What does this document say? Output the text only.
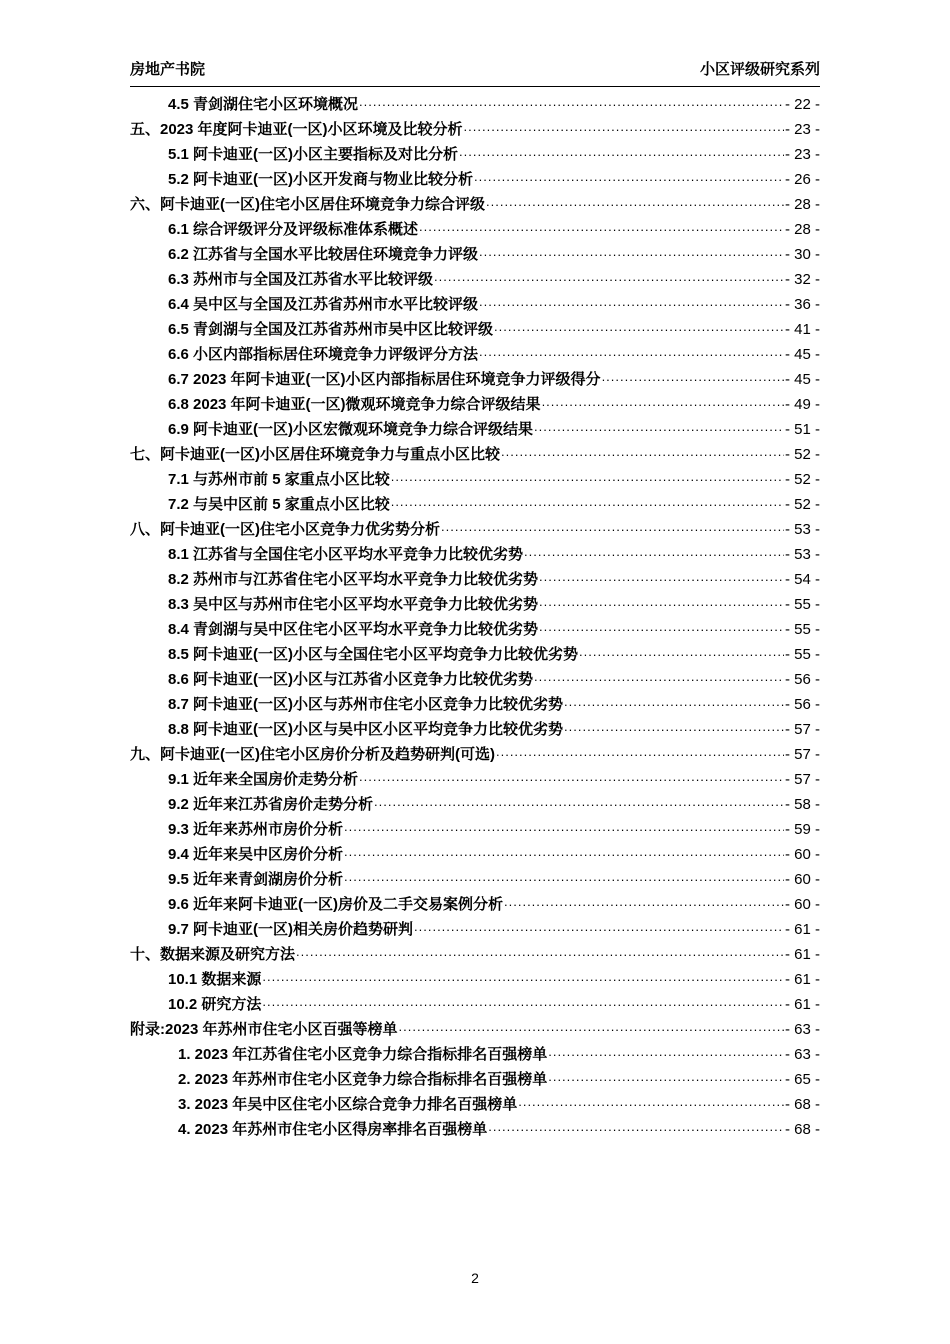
房地产书院	小区评级研究系列
4.5 青剑湖住宅小区环境概况 .....	- 22 -
五、2023 年度阿卡迪亚(一区)小区环境及比较分析 .....	- 23 -
5.1 阿卡迪亚(一区)小区主要指标及对比分析 .....	- 23 -
5.2 阿卡迪亚(一区)小区开发商与物业比较分析 .....	- 26 -
六、阿卡迪亚(一区)住宅小区居住环境竞争力综合评级 .....	- 28 -
6.1 综合评级评分及评级标准体系概述 .....	- 28 -
6.2 江苏省与全国水平比较居住环境竞争力评级 .....	- 30 -
6.3 苏州市与全国及江苏省水平比较评级 .....	- 32 -
6.4 吴中区与全国及江苏省苏州市水平比较评级 .....	- 36 -
6.5 青剑湖与全国及江苏省苏州市吴中区比较评级 .....	- 41 -
6.6 小区内部指标居住环境竞争力评级评分方法 .....	- 45 -
6.7 2023 年阿卡迪亚(一区)小区内部指标居住环境竞争力评级得分 .....	- 45 -
6.8 2023 年阿卡迪亚(一区)微观环境竞争力综合评级结果 .....	- 49 -
6.9 阿卡迪亚(一区)小区宏微观环境竞争力综合评级结果 .....	- 51 -
七、阿卡迪亚(一区)小区居住环境竞争力与重点小区比较 .....	- 52 -
7.1 与苏州市前 5 家重点小区比较 .....	- 52 -
7.2 与吴中区前 5 家重点小区比较 .....	- 52 -
八、阿卡迪亚(一区)住宅小区竞争力优劣势分析 .....	- 53 -
8.1 江苏省与全国住宅小区平均水平竞争力比较优劣势 .....	- 53 -
8.2 苏州市与江苏省住宅小区平均水平竞争力比较优劣势 .....	- 54 -
8.3 吴中区与苏州市住宅小区平均水平竞争力比较优劣势 .....	- 55 -
8.4 青剑湖与吴中区住宅小区平均水平竞争力比较优劣势 .....	- 55 -
8.5 阿卡迪亚(一区)小区与全国住宅小区平均竞争力比较优劣势 .....	- 55 -
8.6 阿卡迪亚(一区)小区与江苏省小区竞争力比较优劣势 .....	- 56 -
8.7 阿卡迪亚(一区)小区与苏州市住宅小区竞争力比较优劣势 .....	- 56 -
8.8 阿卡迪亚(一区)小区与吴中区小区平均竞争力比较优劣势 .....	- 57 -
九、阿卡迪亚(一区)住宅小区房价分析及趋势研判(可选) .....	- 57 -
9.1 近年来全国房价走势分析 .....	- 57 -
9.2 近年来江苏省房价走势分析 .....	- 58 -
9.3 近年来苏州市房价分析 .....	- 59 -
9.4 近年来吴中区房价分析 .....	- 60 -
9.5 近年来青剑湖房价分析 .....	- 60 -
9.6 近年来阿卡迪亚(一区)房价及二手交易案例分析 .....	- 60 -
9.7 阿卡迪亚(一区)相关房价趋势研判 .....	- 61 -
十、数据来源及研究方法 .....	- 61 -
10.1 数据来源 .....	- 61 -
10.2 研究方法 .....	- 61 -
附录:2023 年苏州市住宅小区百强等榜单 .....	- 63 -
1. 2023 年江苏省住宅小区竞争力综合指标排名百强榜单 .....	- 63 -
2. 2023 年苏州市住宅小区竞争力综合指标排名百强榜单 .....	- 65 -
3. 2023 年吴中区住宅小区综合竞争力排名百强榜单 .....	- 68 -
4. 2023 年苏州市住宅小区得房率排名百强榜单 .....	- 68 -
2
